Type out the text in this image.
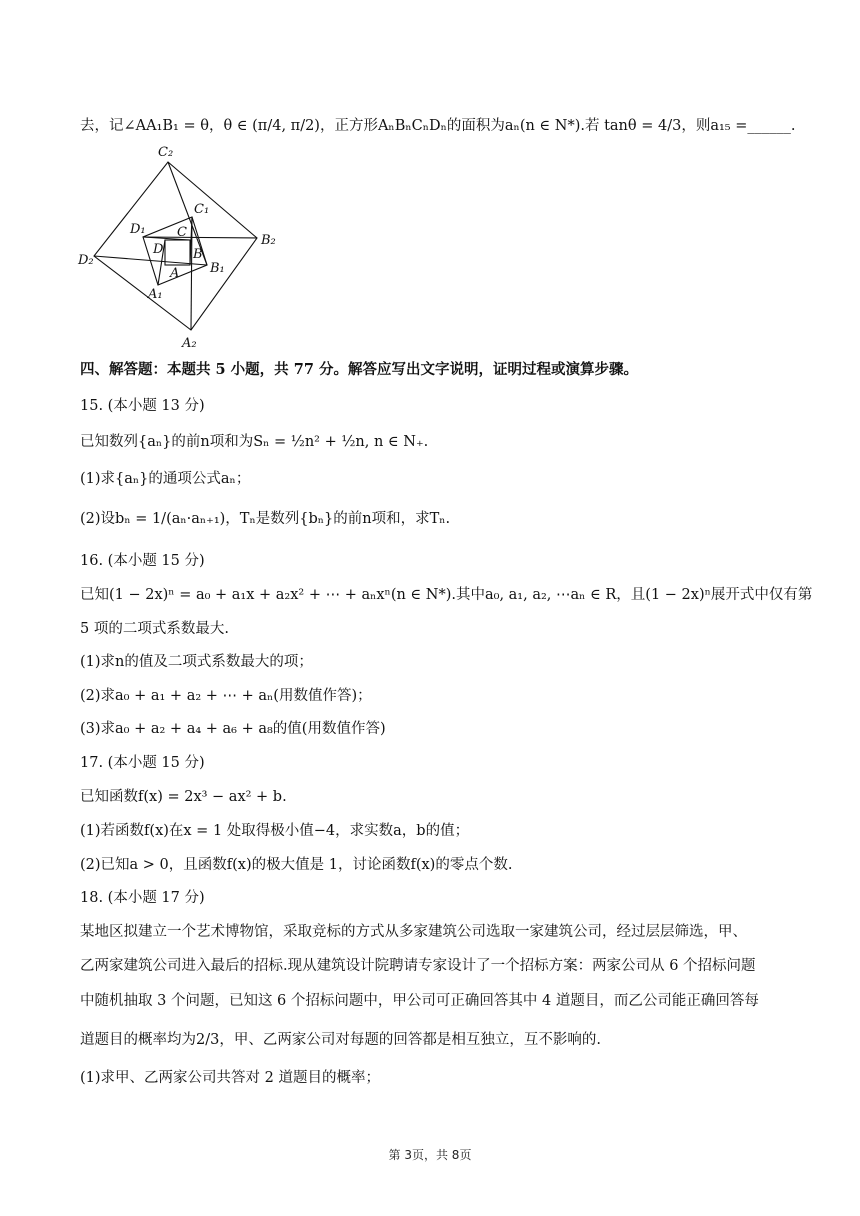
去，记∠AA₁B₁ = θ，θ ∈ (π/4, π/2)，正方形AₙBₙCₙDₙ的面积为aₙ(n ∈ N*).若 tanθ = 4/3，则a₁₅ =______.
C₂
D₂
B₂
A₂
C₁
D₁
B₁
A₁
C
D B
A
四、解答题：本题共 5 小题，共 77 分。解答应写出文字说明，证明过程或演算步骤。
15. (本小题 13 分)
已知数列{aₙ}的前n项和为Sₙ = ½n² + ½n, n ∈ N₊.
(1)求{aₙ}的通项公式aₙ；
(2)设bₙ = 1/(aₙ·aₙ₊₁)，Tₙ是数列{bₙ}的前n项和，求Tₙ.
16. (本小题 15 分)
已知(1 − 2x)ⁿ = a₀ + a₁x + a₂x² + ⋯ + aₙxⁿ(n ∈ N*).其中a₀, a₁, a₂, ⋯aₙ ∈ R，且(1 − 2x)ⁿ展开式中仅有第
5 项的二项式系数最大.
(1)求n的值及二项式系数最大的项；
(2)求a₀ + a₁ + a₂ + ⋯ + aₙ(用数值作答)；
(3)求a₀ + a₂ + a₄ + a₆ + a₈的值(用数值作答)
17. (本小题 15 分)
已知函数f(x) = 2x³ − ax² + b.
(1)若函数f(x)在x = 1 处取得极小值−4，求实数a，b的值；
(2)已知a > 0，且函数f(x)的极大值是 1，讨论函数f(x)的零点个数.
18. (本小题 17 分)
某地区拟建立一个艺术博物馆，采取竞标的方式从多家建筑公司选取一家建筑公司，经过层层筛选，甲、
乙两家建筑公司进入最后的招标.现从建筑设计院聘请专家设计了一个招标方案：两家公司从 6 个招标问题
中随机抽取 3 个问题，已知这 6 个招标问题中，甲公司可正确回答其中 4 道题目，而乙公司能正确回答每
道题目的概率均为2/3，甲、乙两家公司对每题的回答都是相互独立，互不影响的.
(1)求甲、乙两家公司共答对 2 道题目的概率；
第 3页，共 8页
